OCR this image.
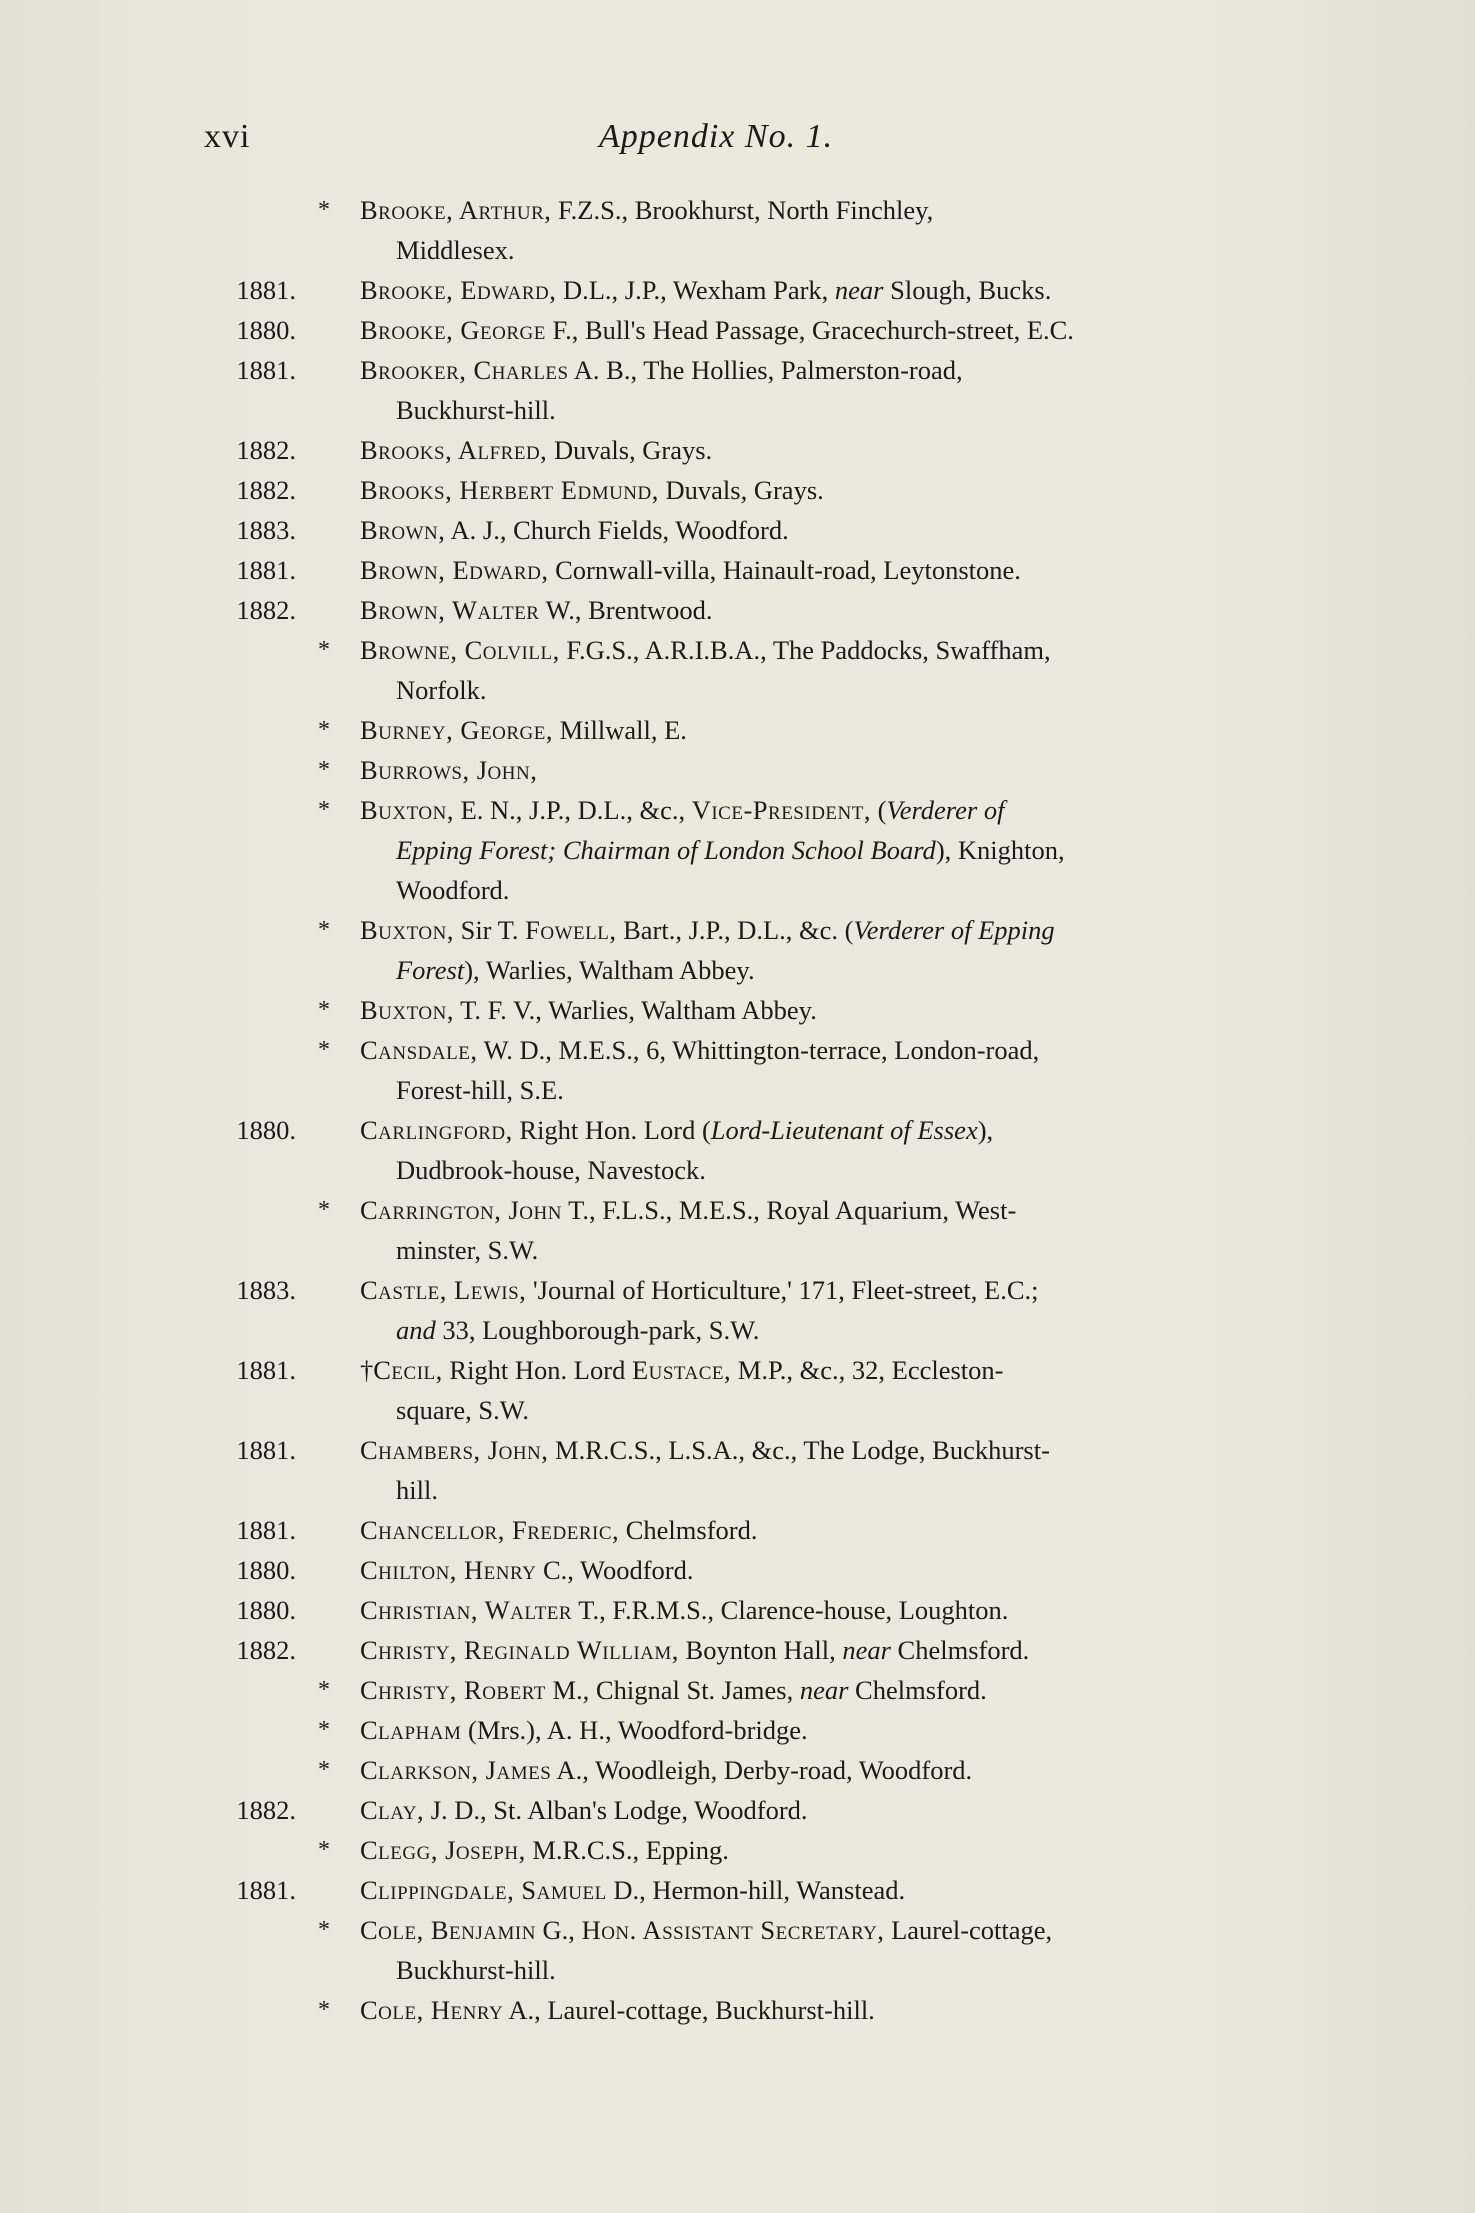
xvi	Appendix No. 1.
* Brooke, Arthur, F.Z.S., Brookhurst, North Finchley,
Middlesex.
1881. Brooke, Edward, D.L., J.P., Wexham Park, near Slough, Bucks.
1880. Brooke, George F., Bull's Head Passage, Gracechurch-street, E.C.
1881. Brooker, Charles A. B., The Hollies, Palmerston-road,
Buckhurst-hill.
1882. Brooks, Alfred, Duvals, Grays.
1882. Brooks, Herbert Edmund, Duvals, Grays.
1883. Brown, A. J., Church Fields, Woodford.
1881. Brown, Edward, Cornwall-villa, Hainault-road, Leytonstone.
1882. Brown, Walter W., Brentwood.
* Browne, Colvill, F.G.S., A.R.I.B.A., The Paddocks, Swaffham,
Norfolk.
* Burney, George, Millwall, E.
* Burrows, John,
* Buxton, E. N., J.P., D.L., &c., Vice-President, (Verderer of
Epping Forest; Chairman of London School Board), Knighton,
Woodford.
* Buxton, Sir T. Fowell, Bart., J.P., D.L., &c. (Verderer of Epping
Forest), Warlies, Waltham Abbey.
* Buxton, T. F. V., Warlies, Waltham Abbey.
* Cansdale, W. D., M.E.S., 6, Whittington-terrace, London-road,
Forest-hill, S.E.
1880. Carlingford, Right Hon. Lord (Lord-Lieutenant of Essex),
Dudbrook-house, Navestock.
* Carrington, John T., F.L.S., M.E.S., Royal Aquarium, West-
minster, S.W.
1883. Castle, Lewis, 'Journal of Horticulture,' 171, Fleet-street, E.C.;
and 33, Loughborough-park, S.W.
1881. †Cecil, Right Hon. Lord Eustace, M.P., &c., 32, Eccleston-
square, S.W.
1881. Chambers, John, M.R.C.S., L.S.A., &c., The Lodge, Buckhurst-
hill.
1881. Chancellor, Frederic, Chelmsford.
1880. Chilton, Henry C., Woodford.
1880. Christian, Walter T., F.R.M.S., Clarence-house, Loughton.
1882. Christy, Reginald William, Boynton Hall, near Chelmsford.
* Christy, Robert M., Chignal St. James, near Chelmsford.
* Clapham (Mrs.), A. H., Woodford-bridge.
* Clarkson, James A., Woodleigh, Derby-road, Woodford.
1882. Clay, J. D., St. Alban's Lodge, Woodford.
* Clegg, Joseph, M.R.C.S., Epping.
1881. Clippingdale, Samuel D., Hermon-hill, Wanstead.
* Cole, Benjamin G., Hon. Assistant Secretary, Laurel-cottage,
Buckhurst-hill.
* Cole, Henry A., Laurel-cottage, Buckhurst-hill.
